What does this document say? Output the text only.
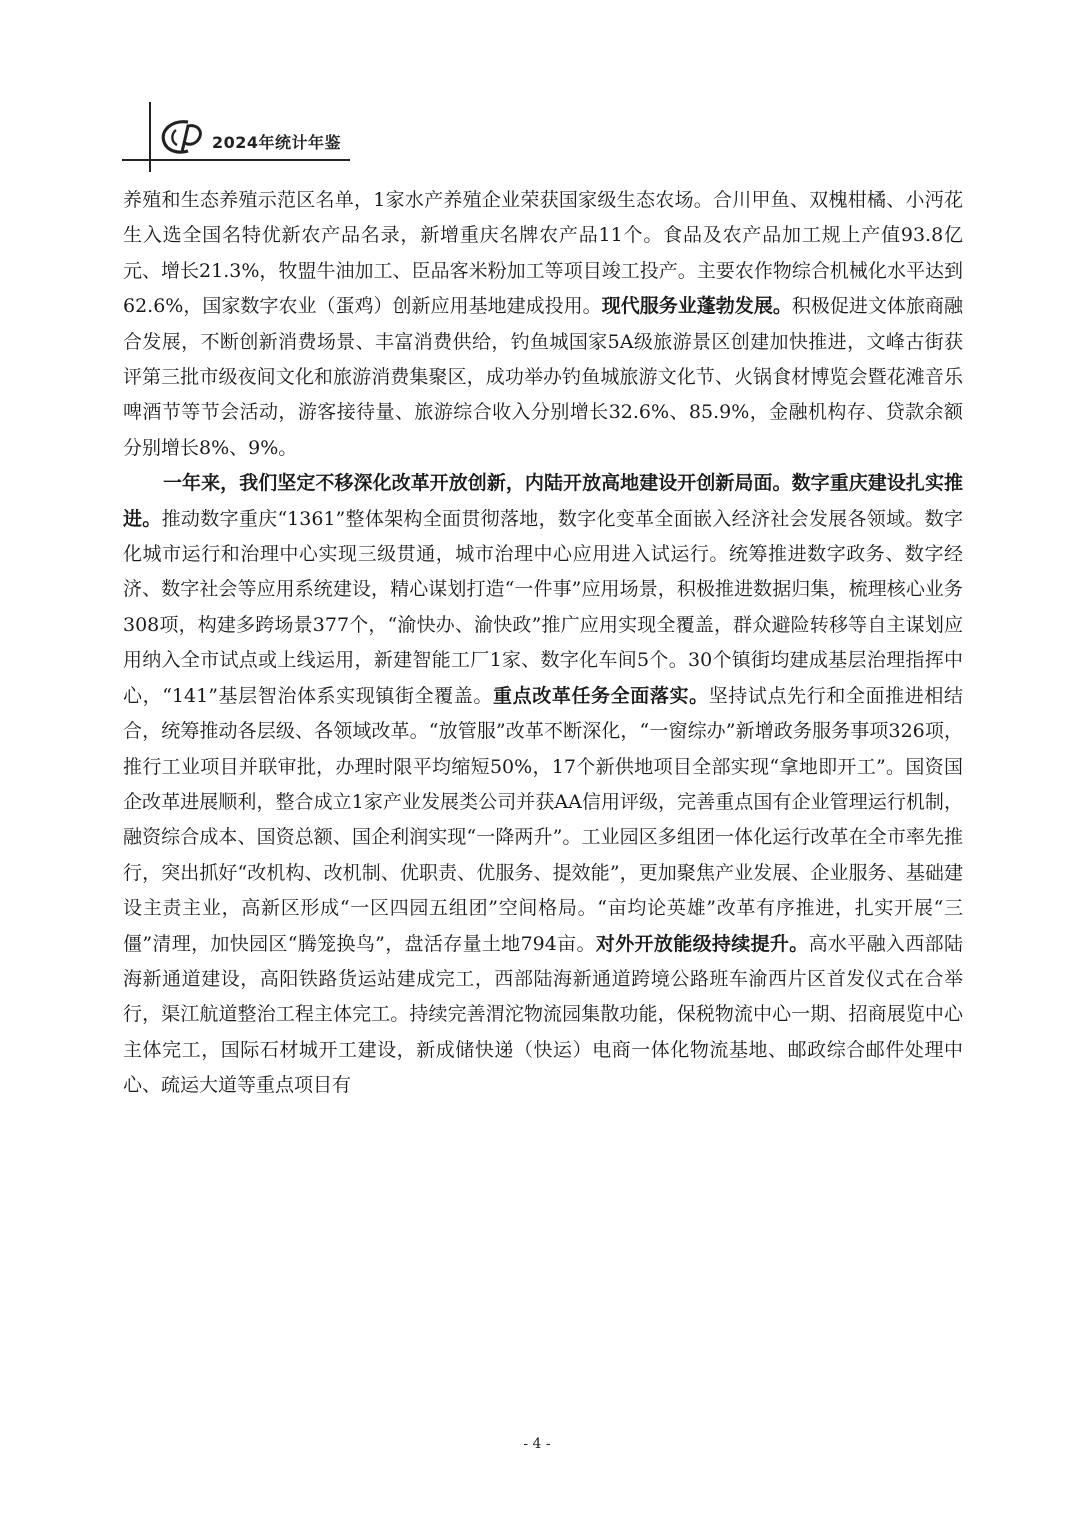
2024年统计年鉴

养殖和生态养殖示范区名单，1家水产养殖企业荣获国家级生态农场。合川甲鱼、双槐柑橘、小沔花生入选全国名特优新农产品名录，新增重庆名牌农产品11个。食品及农产品加工规上产值93.8亿元、增长21.3%，牧盟牛油加工、臣品客米粉加工等项目竣工投产。主要农作物综合机械化水平达到62.6%，国家数字农业（蛋鸡）创新应用基地建成投用。现代服务业蓬勃发展。积极促进文体旅商融合发展，不断创新消费场景、丰富消费供给，钓鱼城国家5A级旅游景区创建加快推进，文峰古街获评第三批市级夜间文化和旅游消费集聚区，成功举办钓鱼城旅游文化节、火锅食材博览会暨花滩音乐啤酒节等节会活动，游客接待量、旅游综合收入分别增长32.6%、85.9%，金融机构存、贷款余额分别增长8%、9%。

一年来，我们坚定不移深化改革开放创新，内陆开放高地建设开创新局面。数字重庆建设扎实推进。推动数字重庆“1361”整体架构全面贯彻落地，数字化变革全面嵌入经济社会发展各领域。数字化城市运行和治理中心实现三级贯通，城市治理中心应用进入试运行。统筹推进数字政务、数字经济、数字社会等应用系统建设，精心谋划打造“一件事”应用场景，积极推进数据归集，梳理核心业务308项，构建多跨场景377个，“渝快办、渝快政”推广应用实现全覆盖，群众避险转移等自主谋划应用纳入全市试点或上线运用，新建智能工厂1家、数字化车间5个。30个镇街均建成基层治理指挥中心，“141”基层智治体系实现镇街全覆盖。重点改革任务全面落实。坚持试点先行和全面推进相结合，统筹推动各层级、各领域改革。“放管服”改革不断深化，“一窗综办”新增政务服务事项326项，推行工业项目并联审批，办理时限平均缩短50%，17个新供地项目全部实现“拿地即开工”。国资国企改革进展顺利，整合成立1家产业发展类公司并获AA信用评级，完善重点国有企业管理运行机制，融资综合成本、国资总额、国企利润实现“一降两升”。工业园区多组团一体化运行改革在全市率先推行，突出抓好“改机构、改机制、优职责、优服务、提效能”，更加聚焦产业发展、企业服务、基础建设主责主业，高新区形成“一区四园五组团”空间格局。“亩均论英雄”改革有序推进，扎实开展“三僵”清理，加快园区“腾笼换鸟”，盘活存量土地794亩。对外开放能级持续提升。高水平融入西部陆海新通道建设，高阳铁路货运站建成完工，西部陆海新通道跨境公路班车渝西片区首发仪式在合举行，渠江航道整治工程主体完工。持续完善渭沱物流园集散功能，保税物流中心一期、招商展览中心主体完工，国际石材城开工建设，新成储快递（快运）电商一体化物流基地、邮政综合邮件处理中心、疏运大道等重点项目有

- 4 -
